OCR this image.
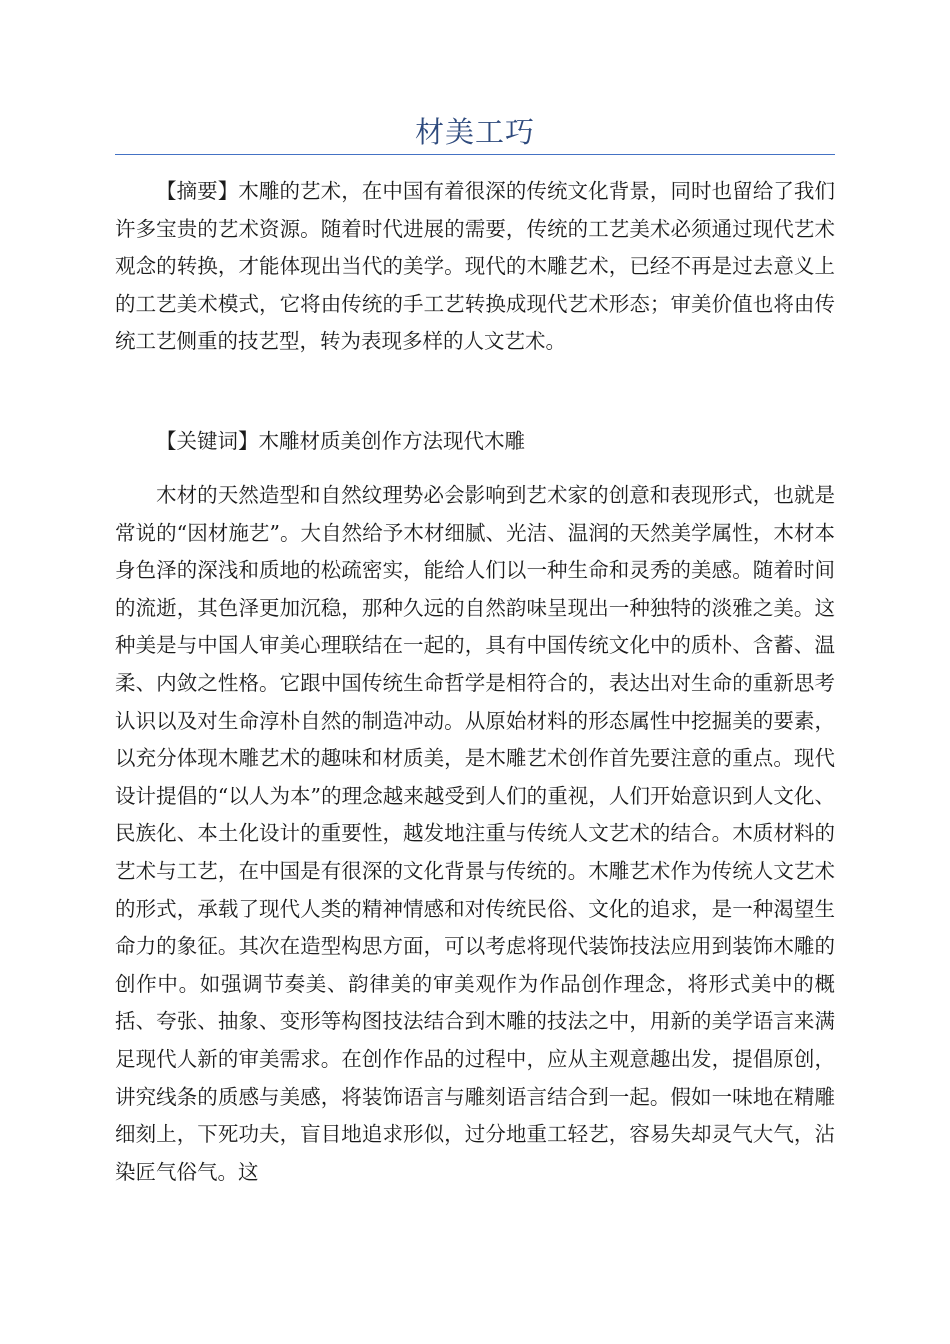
材美工巧

【摘要】木雕的艺术，在中国有着很深的传统文化背景，同时也留给了我们许多宝贵的艺术资源。随着时代进展的需要，传统的工艺美术必须通过现代艺术观念的转换，才能体现出当代的美学。现代的木雕艺术，已经不再是过去意义上的工艺美术模式，它将由传统的手工艺转换成现代艺术形态；审美价值也将由传统工艺侧重的技艺型，转为表现多样的人文艺术。

【关键词】木雕材质美创作方法现代木雕

木材的天然造型和自然纹理势必会影响到艺术家的创意和表现形式，也就是常说的“因材施艺”。大自然给予木材细腻、光洁、温润的天然美学属性，木材本身色泽的深浅和质地的松疏密实，能给人们以一种生命和灵秀的美感。随着时间的流逝，其色泽更加沉稳，那种久远的自然韵味呈现出一种独特的淡雅之美。这种美是与中国人审美心理联结在一起的，具有中国传统文化中的质朴、含蓄、温柔、内敛之性格。它跟中国传统生命哲学是相符合的，表达出对生命的重新思考认识以及对生命淳朴自然的制造冲动。从原始材料的形态属性中挖掘美的要素，以充分体现木雕艺术的趣味和材质美，是木雕艺术创作首先要注意的重点。现代设计提倡的“以人为本”的理念越来越受到人们的重视，人们开始意识到人文化、民族化、本土化设计的重要性，越发地注重与传统人文艺术的结合。木质材料的艺术与工艺，在中国是有很深的文化背景与传统的。木雕艺术作为传统人文艺术的形式，承载了现代人类的精神情感和对传统民俗、文化的追求，是一种渴望生命力的象征。其次在造型构思方面，可以考虑将现代装饰技法应用到装饰木雕的创作中。如强调节奏美、韵律美的审美观作为作品创作理念，将形式美中的概括、夸张、抽象、变形等构图技法结合到木雕的技法之中，用新的美学语言来满足现代人新的审美需求。在创作作品的过程中，应从主观意趣出发，提倡原创，讲究线条的质感与美感，将装饰语言与雕刻语言结合到一起。假如一味地在精雕细刻上，下死功夫，盲目地追求形似，过分地重工轻艺，容易失却灵气大气，沾染匠气俗气。这
